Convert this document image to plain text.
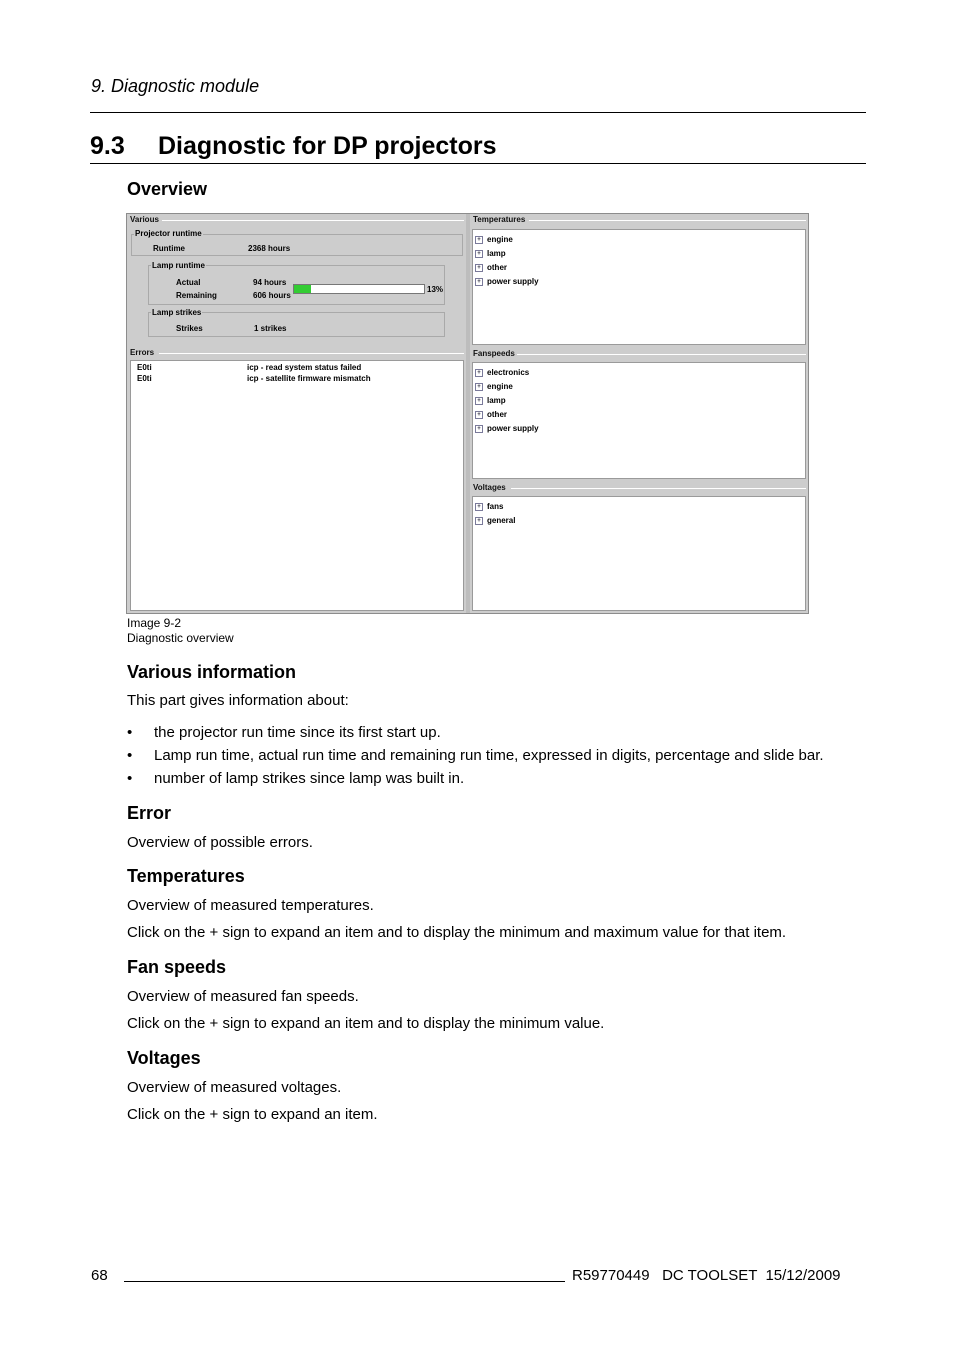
9. Diagnostic module
9.3 Diagnostic for DP projectors
Overview
Various
Projector runtime
Runtime	2368 hours
Lamp runtime
Actual	94 hours
Remaining	606 hours
13%
Lamp strikes
Strikes	1 strikes
Errors
E0ti	icp - read system status failed
E0ti	icp - satellite firmware mismatch
Temperatures
+ engine
+ lamp
+ other
+ power supply
Fanspeeds
+ electronics
+ engine
+ lamp
+ other
+ power supply
Voltages
+ fans
+ general
Image 9-2
Diagnostic overview
Various information
This part gives information about:
• the projector run time since its first start up.
• Lamp run time, actual run time and remaining run time, expressed in digits, percentage and slide bar.
• number of lamp strikes since lamp was built in.
Error
Overview of possible errors.
Temperatures
Overview of measured temperatures.
Click on the + sign to expand an item and to display the minimum and maximum value for that item.
Fan speeds
Overview of measured fan speeds.
Click on the + sign to expand an item and to display the minimum value.
Voltages
Overview of measured voltages.
Click on the + sign to expand an item.
68	R59770449   DC TOOLSET  15/12/2009
